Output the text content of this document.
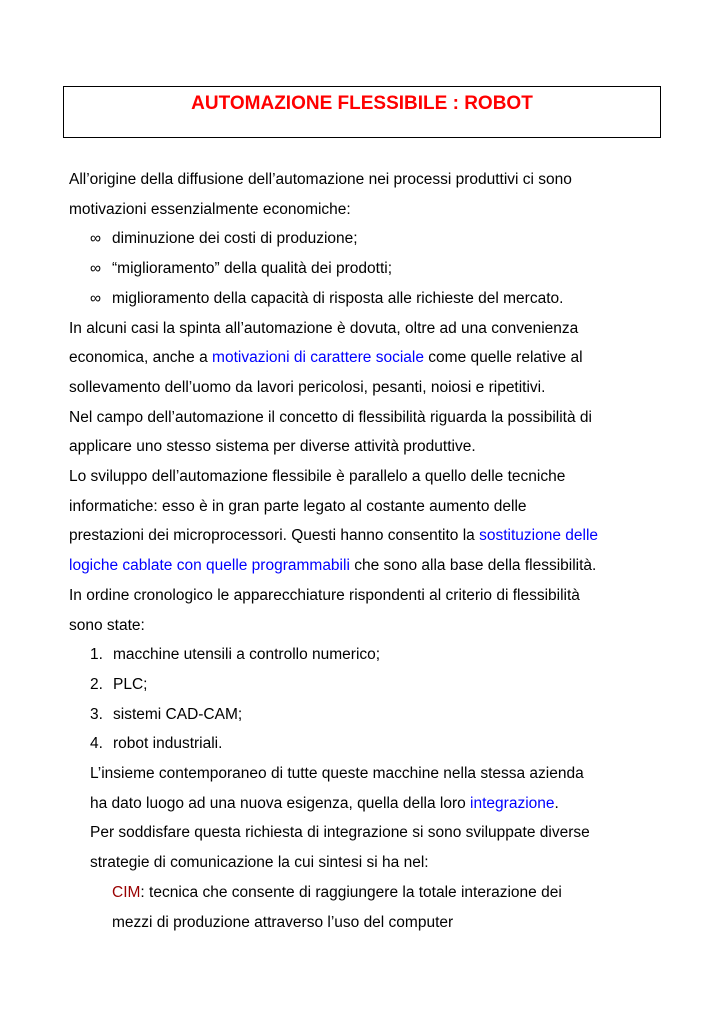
AUTOMAZIONE FLESSIBILE : ROBOT

All’origine della diffusione dell’automazione nei processi produttivi ci sono

motivazioni essenzialmente economiche:

∞ diminuzione dei costi di produzione;

∞ “miglioramento” della qualità dei prodotti;

∞ miglioramento della capacità di risposta alle richieste del mercato.

In alcuni casi la spinta all’automazione è dovuta, oltre ad una convenienza

economica, anche a motivazioni di carattere sociale come quelle relative al

sollevamento dell’uomo da lavori pericolosi, pesanti, noiosi e ripetitivi.

Nel campo dell’automazione il concetto di flessibilità riguarda la possibilità di

applicare uno stesso sistema per diverse attività produttive.

Lo sviluppo dell’automazione flessibile è parallelo a quello delle tecniche

informatiche: esso è in gran parte legato al costante aumento delle

prestazioni dei microprocessori. Questi hanno consentito la sostituzione delle

logiche cablate con quelle programmabili che sono alla base della flessibilità.

In ordine cronologico le apparecchiature rispondenti al criterio di flessibilità

sono state:

1. macchine utensili a controllo numerico;

2. PLC;

3. sistemi CAD-CAM;

4. robot industriali.

L’insieme contemporaneo di tutte queste macchine nella stessa azienda

ha dato luogo ad una nuova esigenza, quella della loro integrazione.

Per soddisfare questa richiesta di integrazione si sono sviluppate diverse

strategie di comunicazione la cui sintesi si ha nel:

CIM: tecnica che consente di raggiungere la totale interazione dei

mezzi di produzione attraverso l’uso del computer
